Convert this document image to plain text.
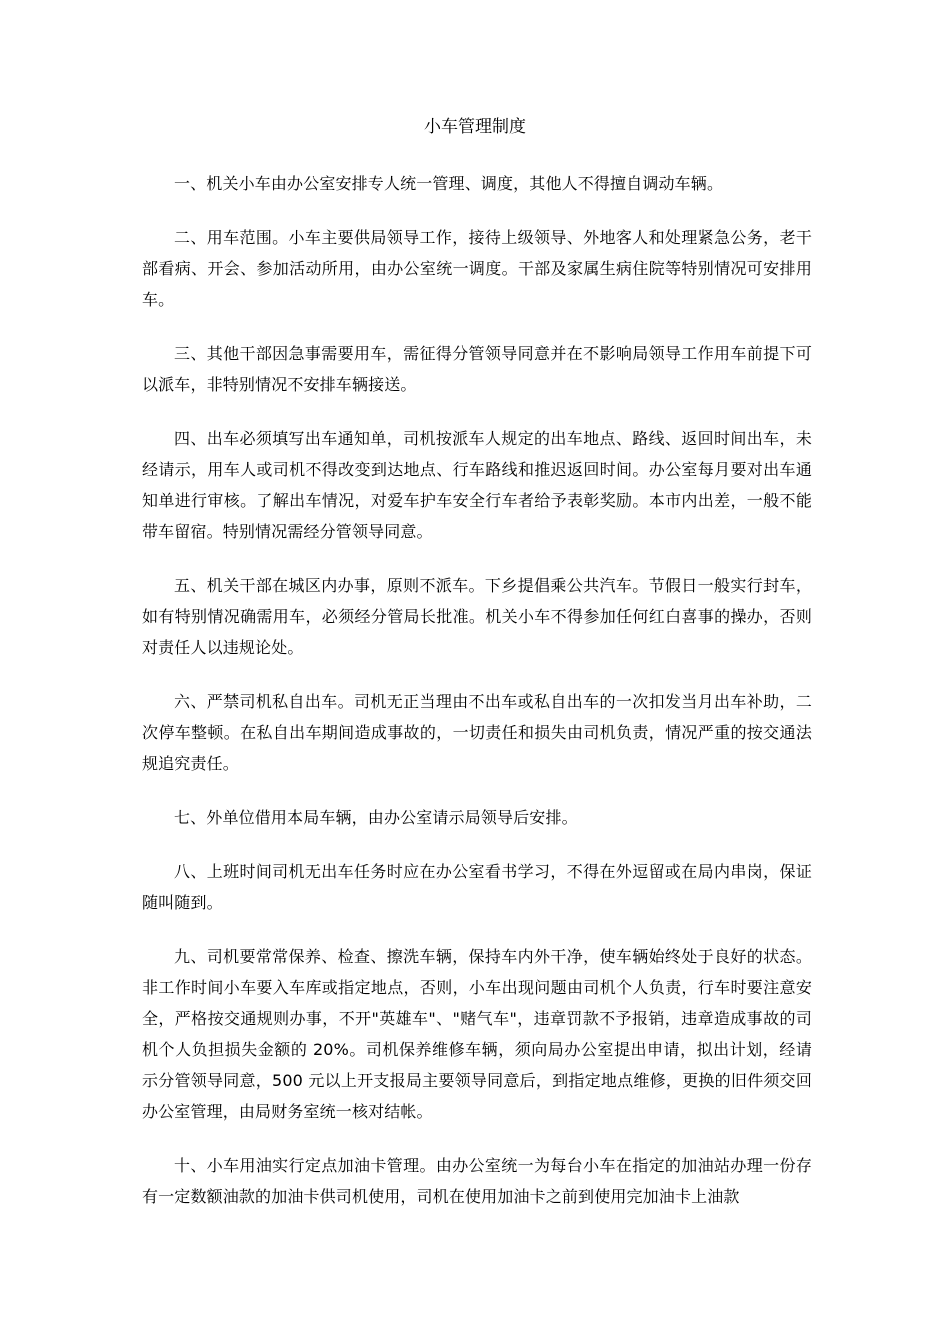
小车管理制度

一、机关小车由办公室安排专人统一管理、调度，其他人不得擅自调动车辆。

二、用车范围。小车主要供局领导工作，接待上级领导、外地客人和处理紧急公务，老干部看病、开会、参加活动所用，由办公室统一调度。干部及家属生病住院等特别情况可安排用车。

三、其他干部因急事需要用车，需征得分管领导同意并在不影响局领导工作用车前提下可以派车，非特别情况不安排车辆接送。

四、出车必须填写出车通知单，司机按派车人规定的出车地点、路线、返回时间出车，未经请示，用车人或司机不得改变到达地点、行车路线和推迟返回时间。办公室每月要对出车通知单进行审核。了解出车情况，对爱车护车安全行车者给予表彰奖励。本市内出差，一般不能带车留宿。特别情况需经分管领导同意。

五、机关干部在城区内办事，原则不派车。下乡提倡乘公共汽车。节假日一般实行封车，如有特别情况确需用车，必须经分管局长批准。机关小车不得参加任何红白喜事的操办，否则对责任人以违规论处。

六、严禁司机私自出车。司机无正当理由不出车或私自出车的一次扣发当月出车补助，二次停车整顿。在私自出车期间造成事故的，一切责任和损失由司机负责，情况严重的按交通法规追究责任。

七、外单位借用本局车辆，由办公室请示局领导后安排。

八、上班时间司机无出车任务时应在办公室看书学习，不得在外逗留或在局内串岗，保证随叫随到。

九、司机要常常保养、检查、擦洗车辆，保持车内外干净，使车辆始终处于良好的状态。非工作时间小车要入车库或指定地点，否则，小车出现问题由司机个人负责，行车时要注意安全，严格按交通规则办事，不开"英雄车"、"赌气车"，违章罚款不予报销，违章造成事故的司机个人负担损失金额的 20%。司机保养维修车辆，须向局办公室提出申请，拟出计划，经请示分管领导同意，500 元以上开支报局主要领导同意后，到指定地点维修，更换的旧件须交回办公室管理，由局财务室统一核对结帐。

十、小车用油实行定点加油卡管理。由办公室统一为每台小车在指定的加油站办理一份存有一定数额油款的加油卡供司机使用，司机在使用加油卡之前到使用完加油卡上油款
